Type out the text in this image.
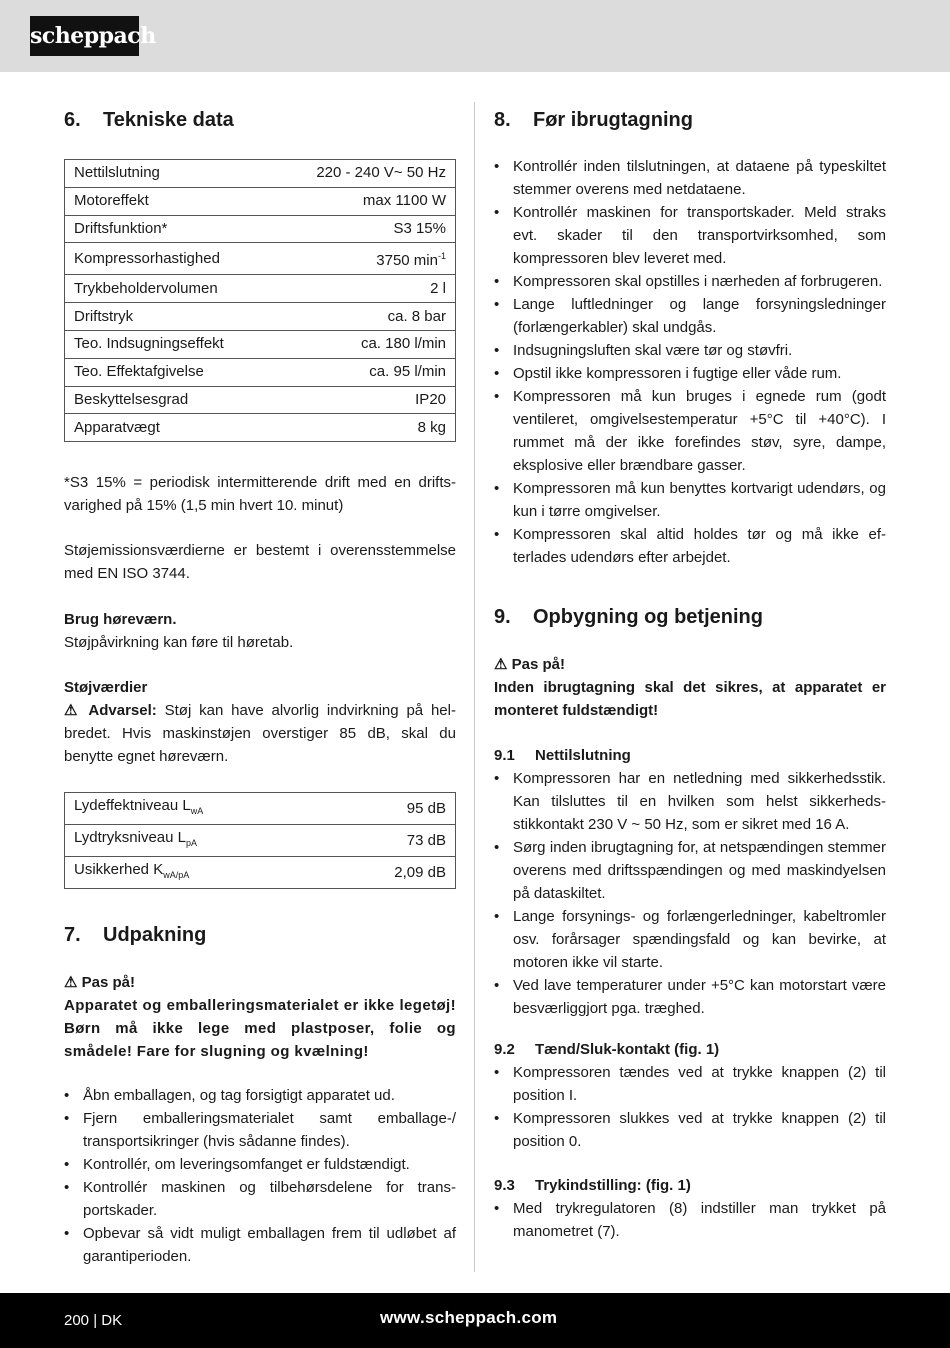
scheppach
6. Tekniske data
Nettilslutning	220 - 240 V~ 50 Hz
Motoreffekt	max 1100 W
Driftsfunktion*	S3 15%
Kompressorhastighed	3750 $\min^{-1}$
Trykbeholdervolumen	2 l
Driftstryk	ca. 8 bar
Teo. Indsugningseffekt	ca. 180 l/min
Teo. Effektafgivelse	ca. 95 l/min
Beskyttelsesgrad	IP20
Apparatvægt	8 kg
*S3 15% = periodisk intermitterende drift med en driftsvarighed på 15% (1,5 min hvert 10. minut)
Støjemissionsværdierne er bestemt i overensstemmelse med EN ISO 3744.
Brug høreværn.
Støjpåvirkning kan føre til høretab.
Støjværdier
⚠ Advarsel: Støj kan have alvorlig indvirkning på helbredet. Hvis maskinstøjen overstiger 85 dB, skal du benytte egnet høreværn.
Lydeffektniveau $L_{wA}$	95 dB
Lydtryksniveau $L_{pA}$	73 dB
Usikkerhed $K_{wA/pA}$	2,09 dB
7. Udpakning
⚠ Pas på!
Apparatet og emballeringsmaterialet er ikke legetøj! Børn må ikke lege med plastposer, folie og smådele! Fare for slugning og kvælning!
• Åbn emballagen, og tag forsigtigt apparatet ud.
• Fjern emballeringsmaterialet samt emballage-/ transportsikringer (hvis sådanne findes).
• Kontrollér, om leveringsomfanget er fuldstændigt.
• Kontrollér maskinen og tilbehørsdelene for transportskader.
• Opbevar så vidt muligt emballagen frem til udløbet af garantiperioden.
8. Før ibrugtagning
• Kontrollér inden tilslutningen, at dataene på typeskiltet stemmer overens med netdataene.
• Kontrollér maskinen for transportskader. Meld straks evt. skader til den transportvirksomhed, som kompressoren blev leveret med.
• Kompressoren skal opstilles i nærheden af forbrugeren.
• Lange luftledninger og lange forsyningsledninger (forlængerkabler) skal undgås.
• Indsugningsluften skal være tør og støvfri.
• Opstil ikke kompressoren i fugtige eller våde rum.
• Kompressoren må kun bruges i egnede rum (godt ventileret, omgivelsestemperatur +5°C til +40°C). I rummet må der ikke forefindes støv, syre, dampe, eksplosive eller brændbare gasser.
• Kompressoren må kun benyttes kortvarigt udendørs, og kun i tørre omgivelser.
• Kompressoren skal altid holdes tør og må ikke efterlades udendørs efter arbejdet.
9. Opbygning og betjening
⚠ Pas på!
Inden ibrugtagning skal det sikres, at apparatet er monteret fuldstændigt!
9.1 Nettilslutning
• Kompressoren har en netledning med sikkerhedsstik. Kan tilsluttes til en hvilken som helst sikkerhedsstikkontakt 230 V ~ 50 Hz, som er sikret med 16 A.
• Sørg inden ibrugtagning for, at netspændingen stemmer overens med driftsspændingen og med maskindyelsen på dataskiltet.
• Lange forsynings- og forlængerledninger, kabeltromler osv. forårsager spændingsfald og kan bevirke, at motoren ikke vil starte.
• Ved lave temperaturer under +5°C kan motorstart være besværliggjort pga. træghed.
9.2 Tænd/Sluk-kontakt (fig. 1)
• Kompressoren tændes ved at trykke knappen (2) til position I.
• Kompressoren slukkes ved at trykke knappen (2) til position 0.
9.3 Trykindstilling: (fig. 1)
• Med trykregulatoren (8) indstiller man trykket på manometret (7).
200 | DK	www.scheppach.com
